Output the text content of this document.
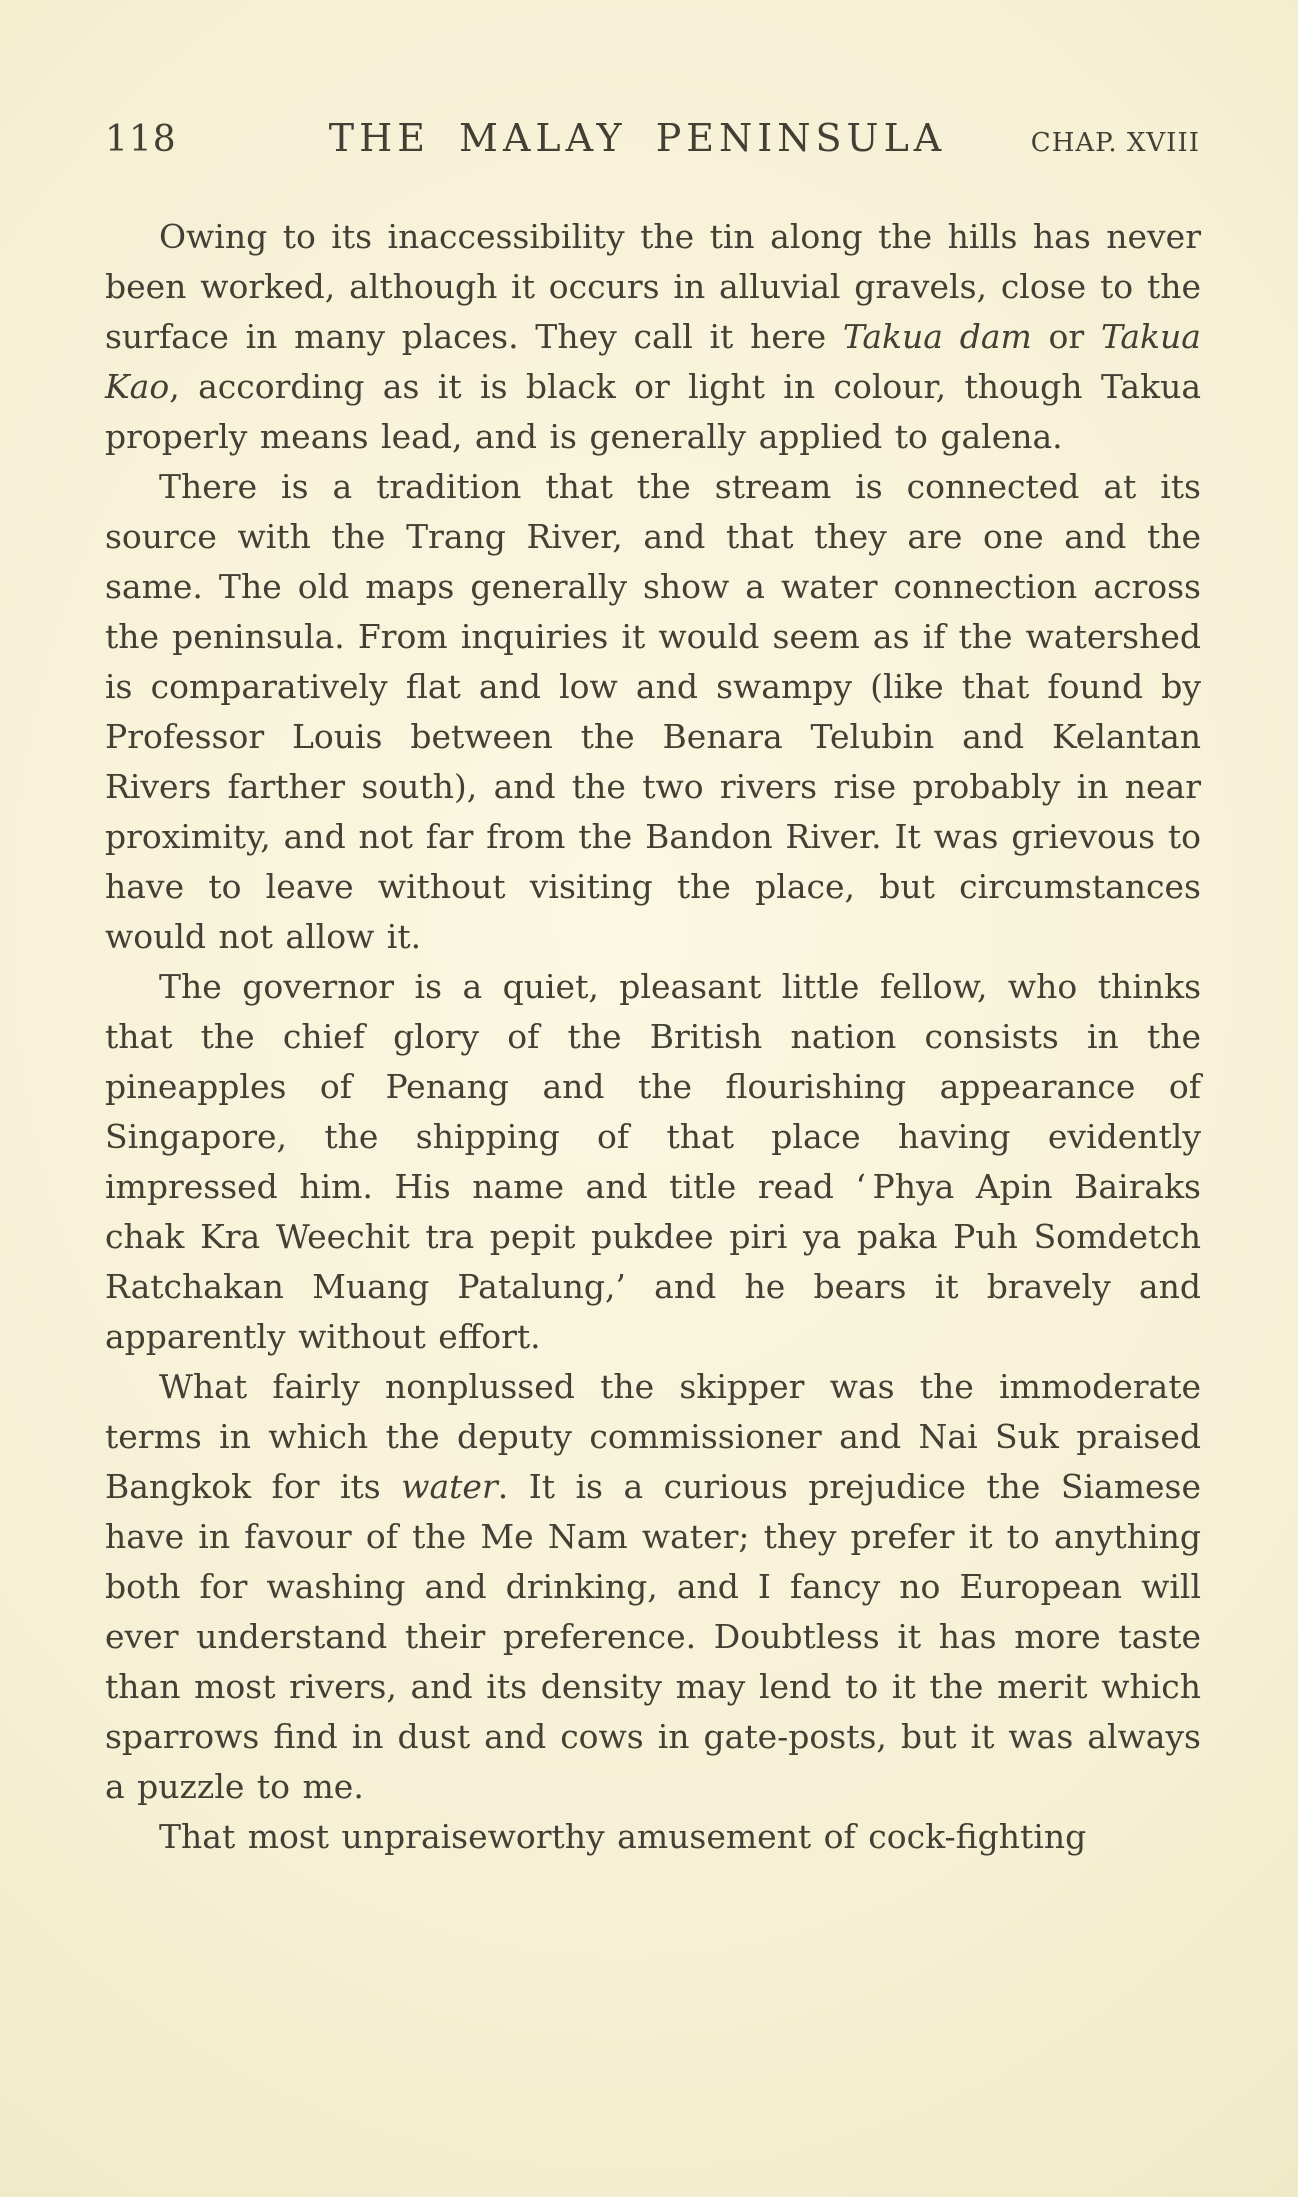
118	THE MALAY PENINSULA	CHAP. XVIII

Owing to its inaccessibility the tin along the hills has never been worked, although it occurs in alluvial gravels, close to the surface in many places. They call it here Takua dam or Takua Kao, according as it is black or light in colour, though Takua properly means lead, and is generally applied to galena.

There is a tradition that the stream is connected at its source with the Trang River, and that they are one and the same. The old maps generally show a water connection across the peninsula. From inquiries it would seem as if the watershed is comparatively flat and low and swampy (like that found by Professor Louis between the Benara Telubin and Kelantan Rivers farther south), and the two rivers rise probably in near proximity, and not far from the Bandon River. It was grievous to have to leave without visiting the place, but circumstances would not allow it.

The governor is a quiet, pleasant little fellow, who thinks that the chief glory of the British nation consists in the pineapples of Penang and the flourishing appearance of Singapore, the shipping of that place having evidently impressed him. His name and title read ‘ Phya Apin Bairaks chak Kra Weechit tra pepit pukdee piri ya paka Puh Somdetch Ratchakan Muang Patalung,’ and he bears it bravely and apparently without effort.

What fairly nonplussed the skipper was the immoderate terms in which the deputy commissioner and Nai Suk praised Bangkok for its water. It is a curious prejudice the Siamese have in favour of the Me Nam water; they prefer it to anything both for washing and drinking, and I fancy no European will ever understand their preference. Doubtless it has more taste than most rivers, and its density may lend to it the merit which sparrows find in dust and cows in gate-posts, but it was always a puzzle to me.

That most unpraiseworthy amusement of cock-fighting
